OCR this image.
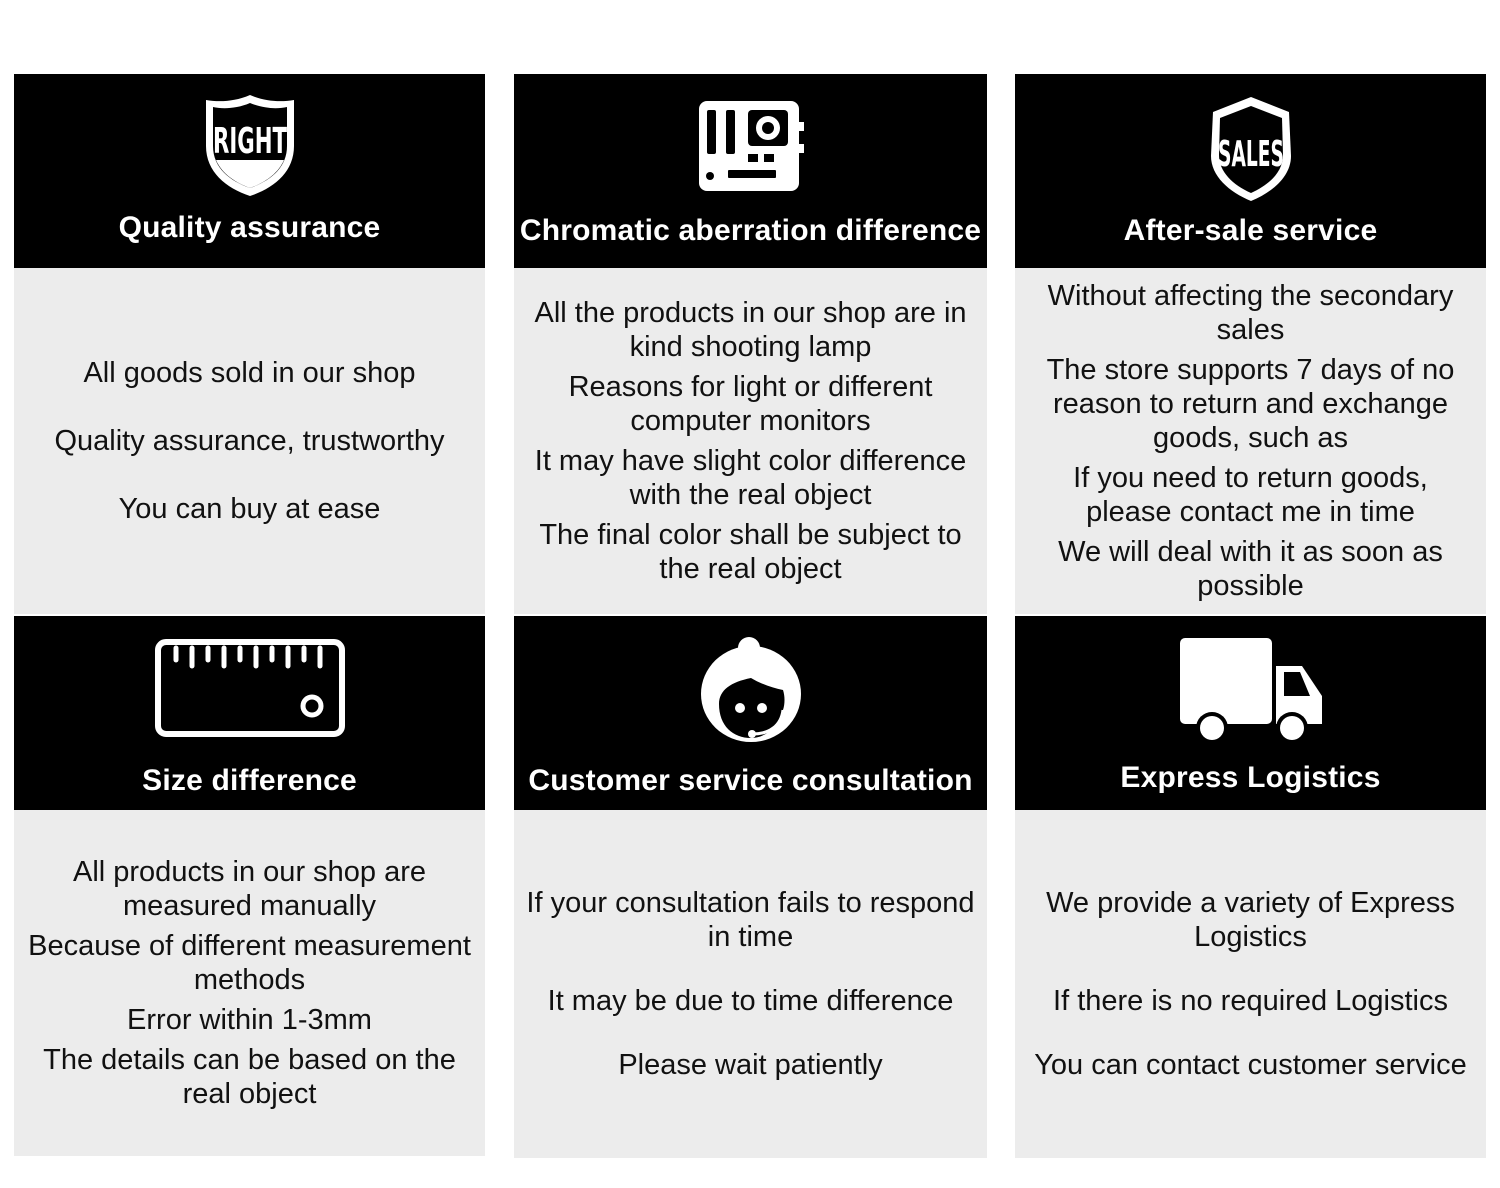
RIGHT
Quality assurance
All goods sold in our shop
Quality assurance, trustworthy
You can buy at ease
Chromatic aberration difference
All the products in our shop are in kind shooting lamp
Reasons for light or different computer monitors
It may have slight color difference with the real object
The final color shall be subject to the real object
SALES
After-sale service
Without affecting the secondary sales
The store supports 7 days of no reason to return and exchange goods, such as
If you need to return goods, please contact me in time
We will deal with it as soon as possible
Size difference
All products in our shop are measured manually
Because of different measurement methods
Error within 1-3mm
The details can be based on the real object
Customer service consultation
If your consultation fails to respond in time
It may be due to time difference
Please wait patiently
Express Logistics
We provide a variety of Express Logistics
If there is no required Logistics
You can contact customer service
